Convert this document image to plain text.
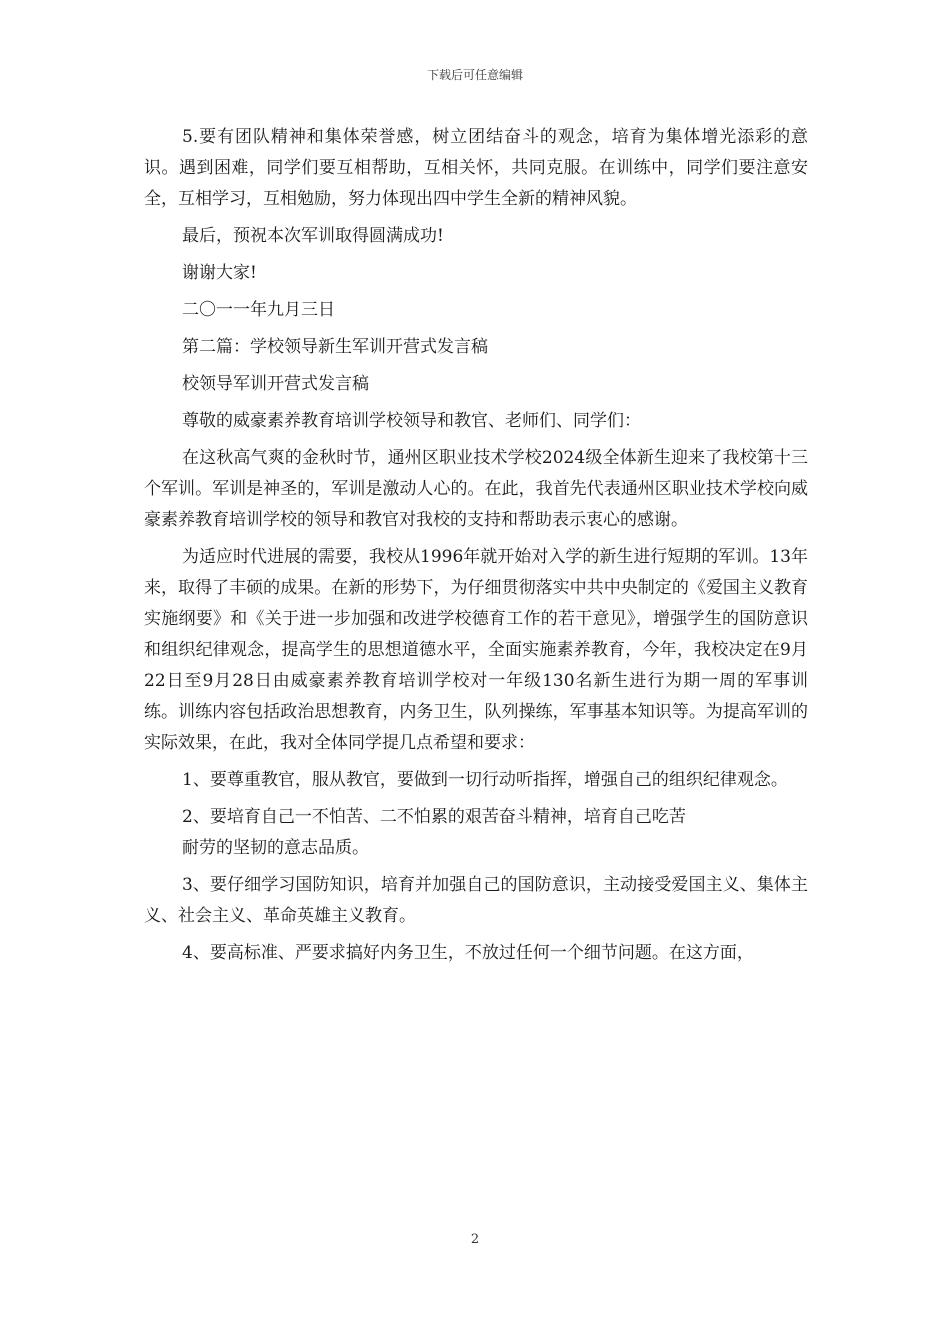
下载后可任意编辑

5.要有团队精神和集体荣誉感，树立团结奋斗的观念，培育为集体增光添彩的意识。遇到困难，同学们要互相帮助，互相关怀，共同克服。在训练中，同学们要注意安全，互相学习，互相勉励，努力体现出四中学生全新的精神风貌。

最后，预祝本次军训取得圆满成功!

谢谢大家!

二〇一一年九月三日

第二篇：学校领导新生军训开营式发言稿

校领导军训开营式发言稿

尊敬的威豪素养教育培训学校领导和教官、老师们、同学们：

在这秋高气爽的金秋时节，通州区职业技术学校2024级全体新生迎来了我校第十三个军训。军训是神圣的，军训是激动人心的。在此，我首先代表通州区职业技术学校向威豪素养教育培训学校的领导和教官对我校的支持和帮助表示衷心的感谢。

为适应时代进展的需要，我校从1996年就开始对入学的新生进行短期的军训。13年来，取得了丰硕的成果。在新的形势下，为仔细贯彻落实中共中央制定的《爱国主义教育实施纲要》和《关于进一步加强和改进学校德育工作的若干意见》，增强学生的国防意识和组织纪律观念，提高学生的思想道德水平，全面实施素养教育，今年，我校决定在9月22日至9月28日由威豪素养教育培训学校对一年级130名新生进行为期一周的军事训练。训练内容包括政治思想教育，内务卫生，队列操练，军事基本知识等。为提高军训的实际效果，在此，我对全体同学提几点希望和要求：

1、要尊重教官，服从教官，要做到一切行动听指挥，增强自己的组织纪律观念。

2、要培育自己一不怕苦、二不怕累的艰苦奋斗精神，培育自己吃苦

耐劳的坚韧的意志品质。

3、要仔细学习国防知识，培育并加强自己的国防意识，主动接受爱国主义、集体主义、社会主义、革命英雄主义教育。

4、要高标准、严要求搞好内务卫生，不放过任何一个细节问题。在这方面，

2
